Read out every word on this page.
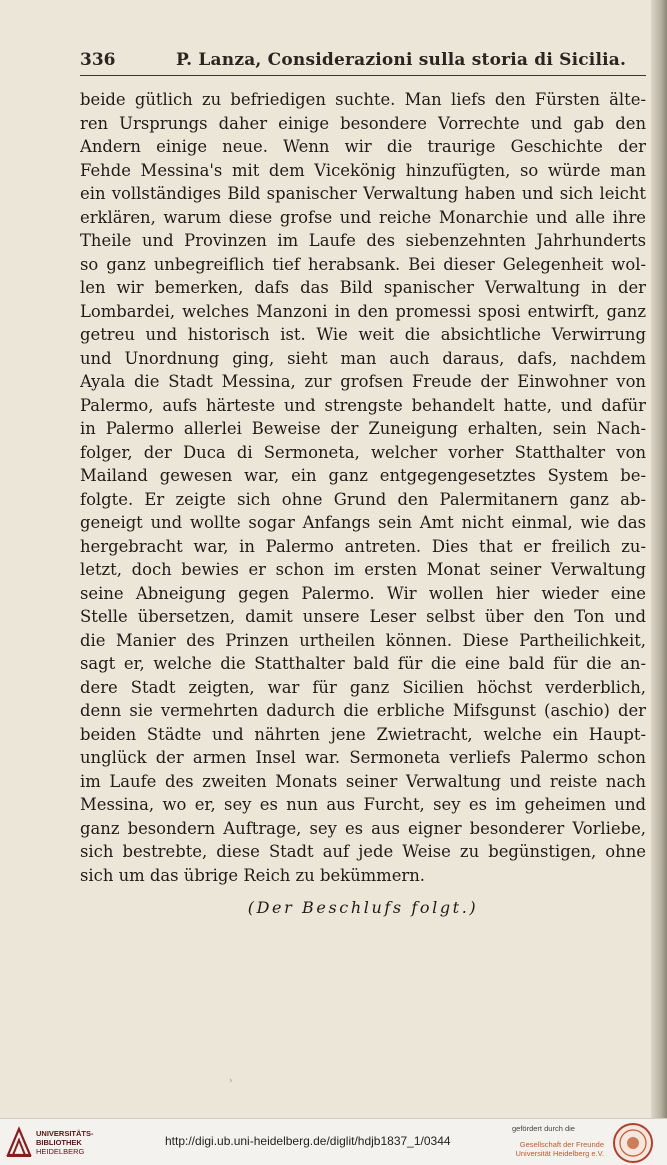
336	P. Lanza, Considerazioni sulla storia di Sicilia.
beide gütlich zu befriedigen suchte. Man liefs den Fürsten älte-
ren Ursprungs daher einige besondere Vorrechte und gab den
Andern einige neue. Wenn wir die traurige Geschichte der
Fehde Messina's mit dem Vicekönig hinzufügten, so würde man
ein vollständiges Bild spanischer Verwaltung haben und sich leicht
erklären, warum diese grofse und reiche Monarchie und alle ihre
Theile und Provinzen im Laufe des siebenzehnten Jahrhunderts
so ganz unbegreiflich tief herabsank. Bei dieser Gelegenheit wol-
len wir bemerken, dafs das Bild spanischer Verwaltung in der
Lombardei, welches Manzoni in den promessi sposi entwirft, ganz
getreu und historisch ist. Wie weit die absichtliche Verwirrung
und Unordnung ging, sieht man auch daraus, dafs, nachdem
Ayala die Stadt Messina, zur grofsen Freude der Einwohner von
Palermo, aufs härteste und strengste behandelt hatte, und dafür
in Palermo allerlei Beweise der Zuneigung erhalten, sein Nach-
folger, der Duca di Sermoneta, welcher vorher Statthalter von
Mailand gewesen war, ein ganz entgegengesetztes System be-
folgte. Er zeigte sich ohne Grund den Palermitanern ganz ab-
geneigt und wollte sogar Anfangs sein Amt nicht einmal, wie das
hergebracht war, in Palermo antreten. Dies that er freilich zu-
letzt, doch bewies er schon im ersten Monat seiner Verwaltung
seine Abneigung gegen Palermo. Wir wollen hier wieder eine
Stelle übersetzen, damit unsere Leser selbst über den Ton und
die Manier des Prinzen urtheilen können. Diese Partheilichkeit,
sagt er, welche die Statthalter bald für die eine bald für die an-
dere Stadt zeigten, war für ganz Sicilien höchst verderblich,
denn sie vermehrten dadurch die erbliche Mifsgunst (aschio) der
beiden Städte und nährten jene Zwietracht, welche ein Haupt-
unglück der armen Insel war. Sermoneta verliefs Palermo schon
im Laufe des zweiten Monats seiner Verwaltung und reiste nach
Messina, wo er, sey es nun aus Furcht, sey es im geheimen und
ganz besondern Auftrage, sey es aus eigner besonderer Vorliebe,
sich bestrebte, diese Stadt auf jede Weise zu begünstigen, ohne
sich um das übrige Reich zu bekümmern.
(Der Beschlufs folgt.)
›
UNIVERSITÄTS-
BIBLIOTHEK
HEIDELBERG
http://digi.ub.uni-heidelberg.de/diglit/hdjb1837_1/0344
gefördert durch die
Gesellschaft der Freunde
Universität Heidelberg e.V.
